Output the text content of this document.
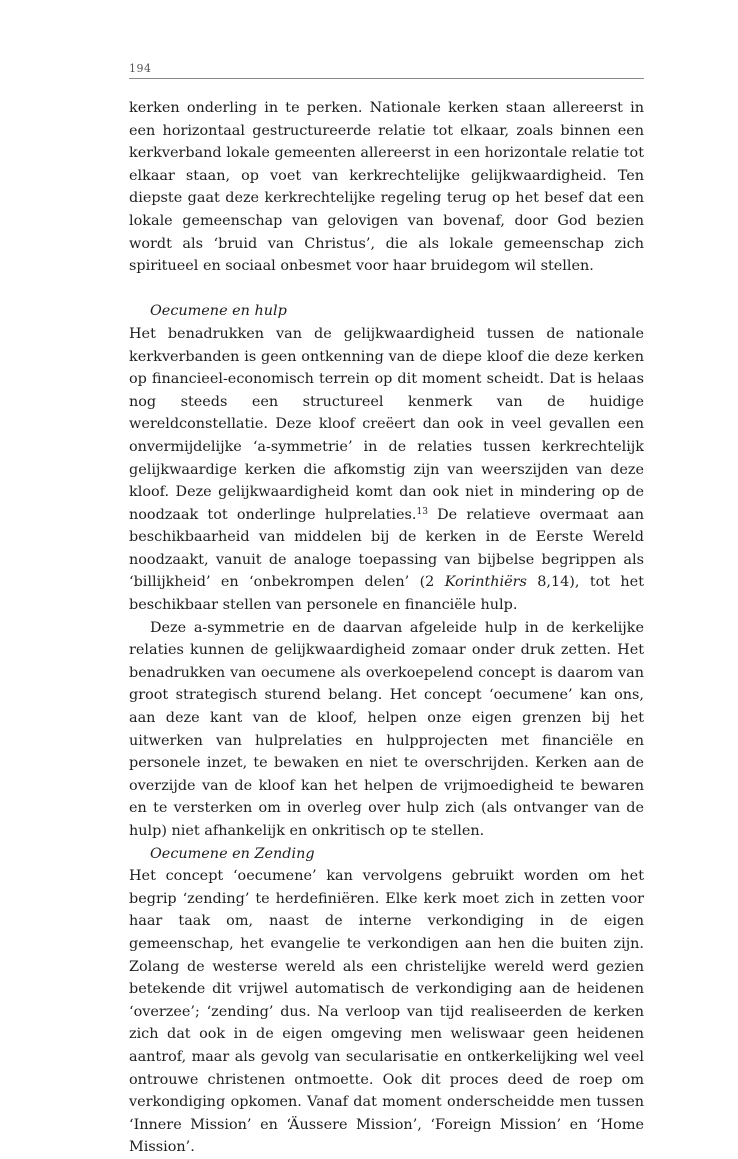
194

kerken onderling in te perken. Nationale kerken staan allereerst in een horizontaal gestructureerde relatie tot elkaar, zoals binnen een kerkverband lokale gemeenten allereerst in een horizontale relatie tot elkaar staan, op voet van kerkrechtelijke gelijkwaardigheid. Ten diepste gaat deze kerkrechtelijke regeling terug op het besef dat een lokale gemeenschap van gelovigen van bovenaf, door God bezien wordt als ‘bruid van Christus’, die als lokale gemeenschap zich spiritueel en sociaal onbesmet voor haar bruidegom wil stellen.

Oecumene en hulp

Het benadrukken van de gelijkwaardigheid tussen de nationale kerkverbanden is geen ontkenning van de diepe kloof die deze kerken op financieel-economisch terrein op dit moment scheidt. Dat is helaas nog steeds een structureel kenmerk van de huidige wereldconstellatie. Deze kloof creëert dan ook in veel gevallen een onvermijdelijke ‘a-symmetrie’ in de relaties tussen kerkrechtelijk gelijkwaardige kerken die afkomstig zijn van weerszijden van deze kloof. Deze gelijkwaardigheid komt dan ook niet in mindering op de noodzaak tot onderlinge hulprelaties.$^{13}$ De relatieve overmaat aan beschikbaarheid van middelen bij de kerken in de Eerste Wereld noodzaakt, vanuit de analoge toepassing van bijbelse begrippen als ‘billijkheid’ en ‘onbekrompen delen’ (2 Korinthiërs 8,14), tot het beschikbaar stellen van personele en financiële hulp.

Deze a-symmetrie en de daarvan afgeleide hulp in de kerkelijke relaties kunnen de gelijkwaardigheid zomaar onder druk zetten. Het benadrukken van oecumene als overkoepelend concept is daarom van groot strategisch sturend belang. Het concept ‘oecumene’ kan ons, aan deze kant van de kloof, helpen onze eigen grenzen bij het uitwerken van hulprelaties en hulpprojecten met financiële en personele inzet, te bewaken en niet te overschrijden. Kerken aan de overzijde van de kloof kan het helpen de vrijmoedigheid te bewaren en te versterken om in overleg over hulp zich (als ontvanger van de hulp) niet afhankelijk en onkritisch op te stellen.

Oecumene en Zending

Het concept ‘oecumene’ kan vervolgens gebruikt worden om het begrip ‘zending’ te herdefiniëren. Elke kerk moet zich in zetten voor haar taak om, naast de interne verkondiging in de eigen gemeenschap, het evangelie te verkondigen aan hen die buiten zijn. Zolang de westerse wereld als een christelijke wereld werd gezien betekende dit vrijwel automatisch de verkondiging aan de heidenen ‘overzee’; ‘zending’ dus. Na verloop van tijd realiseerden de kerken zich dat ook in de eigen omgeving men weliswaar geen heidenen aantrof, maar als gevolg van secularisatie en ontkerkelijking wel veel ontrouwe christenen ontmoette. Ook dit proces deed de roep om verkondiging opkomen. Vanaf dat moment onderscheidde men tussen ‘Innere Mission’ en ‘Äussere Mission’, ‘Foreign Mission’ en ‘Home Mission’.
